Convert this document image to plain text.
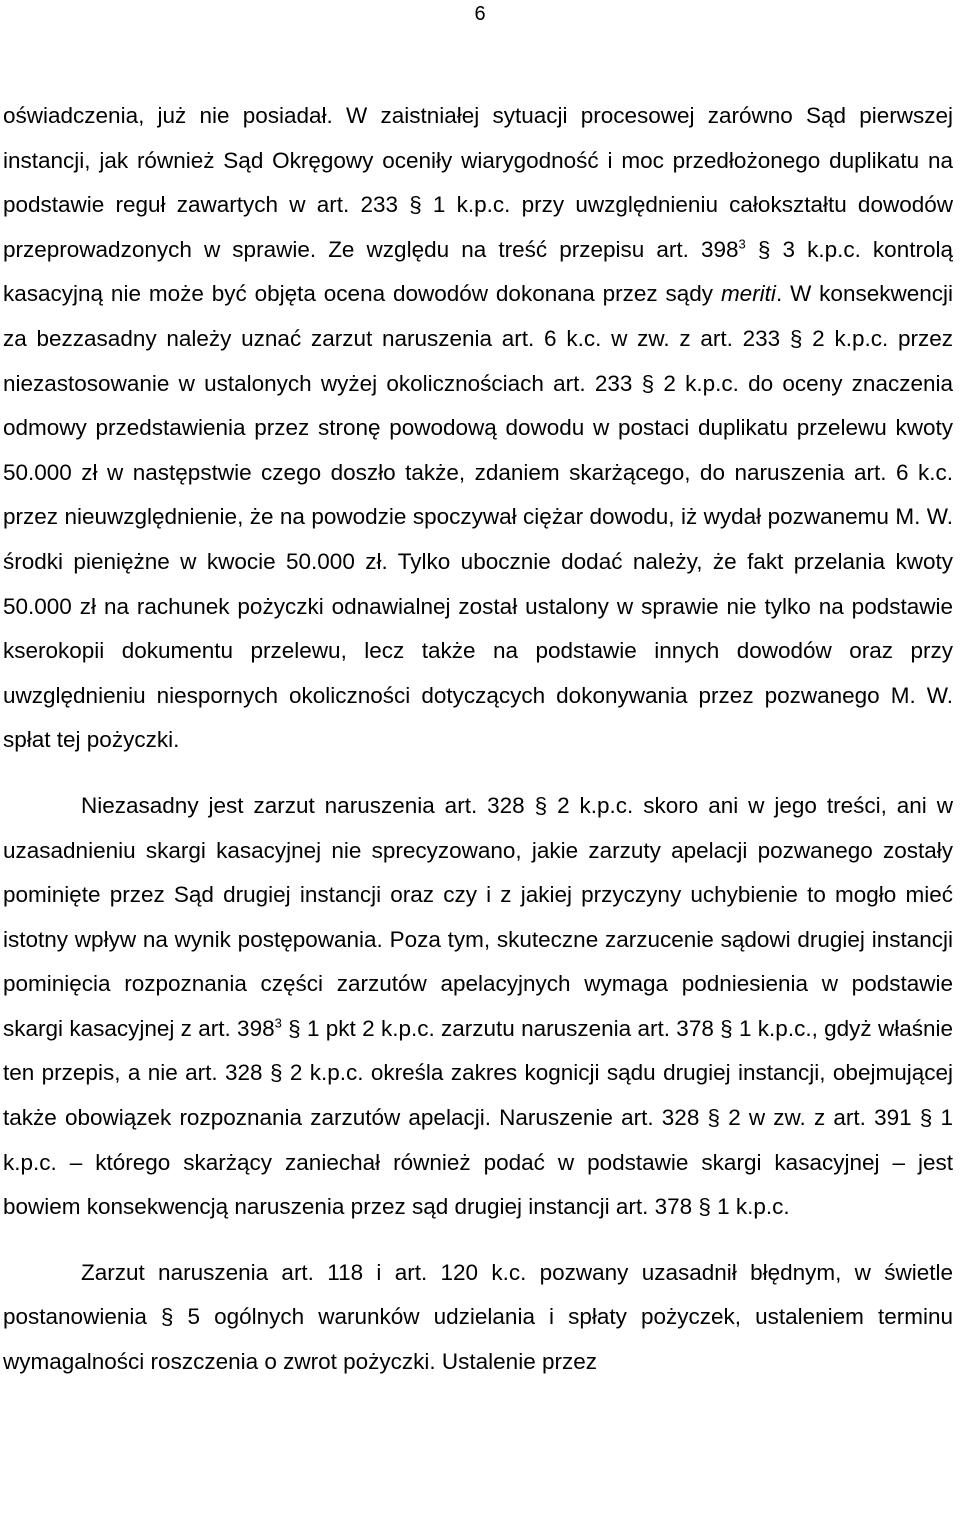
6

oświadczenia, już nie posiadał. W zaistniałej sytuacji procesowej zarówno Sąd pierwszej instancji, jak również Sąd Okręgowy oceniły wiarygodność i moc przedłożonego duplikatu na podstawie reguł zawartych w art. 233 § 1 k.p.c. przy uwzględnieniu całokształtu dowodów przeprowadzonych w sprawie. Ze względu na treść przepisu art. $398^3$ § 3 k.p.c. kontrolą kasacyjną nie może być objęta ocena dowodów dokonana przez sądy meriti. W konsekwencji za bezzasadny należy uznać zarzut naruszenia art. 6 k.c. w zw. z art. 233 § 2 k.p.c. przez niezastosowanie w ustalonych wyżej okolicznościach art. 233 § 2 k.p.c. do oceny znaczenia odmowy przedstawienia przez stronę powodową dowodu w postaci duplikatu przelewu kwoty 50.000 zł w następstwie czego doszło także, zdaniem skarżącego, do naruszenia art. 6 k.c. przez nieuwzględnienie, że na powodzie spoczywał ciężar dowodu, iż wydał pozwanemu M. W. środki pieniężne w kwocie 50.000 zł. Tylko ubocznie dodać należy, że fakt przelania kwoty 50.000 zł na rachunek pożyczki odnawialnej został ustalony w sprawie nie tylko na podstawie kserokopii dokumentu przelewu, lecz także na podstawie innych dowodów oraz przy uwzględnieniu niespornych okoliczności dotyczących dokonywania przez pozwanego M. W. spłat tej pożyczki.

Niezasadny jest zarzut naruszenia art. 328 § 2 k.p.c. skoro ani w jego treści, ani w uzasadnieniu skargi kasacyjnej nie sprecyzowano, jakie zarzuty apelacji pozwanego zostały pominięte przez Sąd drugiej instancji oraz czy i z jakiej przyczyny uchybienie to mogło mieć istotny wpływ na wynik postępowania. Poza tym, skuteczne zarzucenie sądowi drugiej instancji pominięcia rozpoznania części zarzutów apelacyjnych wymaga podniesienia w podstawie skargi kasacyjnej z art. $398^3$ § 1 pkt 2 k.p.c. zarzutu naruszenia art. 378 § 1 k.p.c., gdyż właśnie ten przepis, a nie art. 328 § 2 k.p.c. określa zakres kognicji sądu drugiej instancji, obejmującej także obowiązek rozpoznania zarzutów apelacji. Naruszenie art. 328 § 2 w zw. z art. 391 § 1 k.p.c. – którego skarżący zaniechał również podać w podstawie skargi kasacyjnej – jest bowiem konsekwencją naruszenia przez sąd drugiej instancji art. 378 § 1 k.p.c.

Zarzut naruszenia art. 118 i art. 120 k.c. pozwany uzasadnił błędnym, w świetle postanowienia § 5 ogólnych warunków udzielania i spłaty pożyczek, ustaleniem terminu wymagalności roszczenia o zwrot pożyczki. Ustalenie przez
